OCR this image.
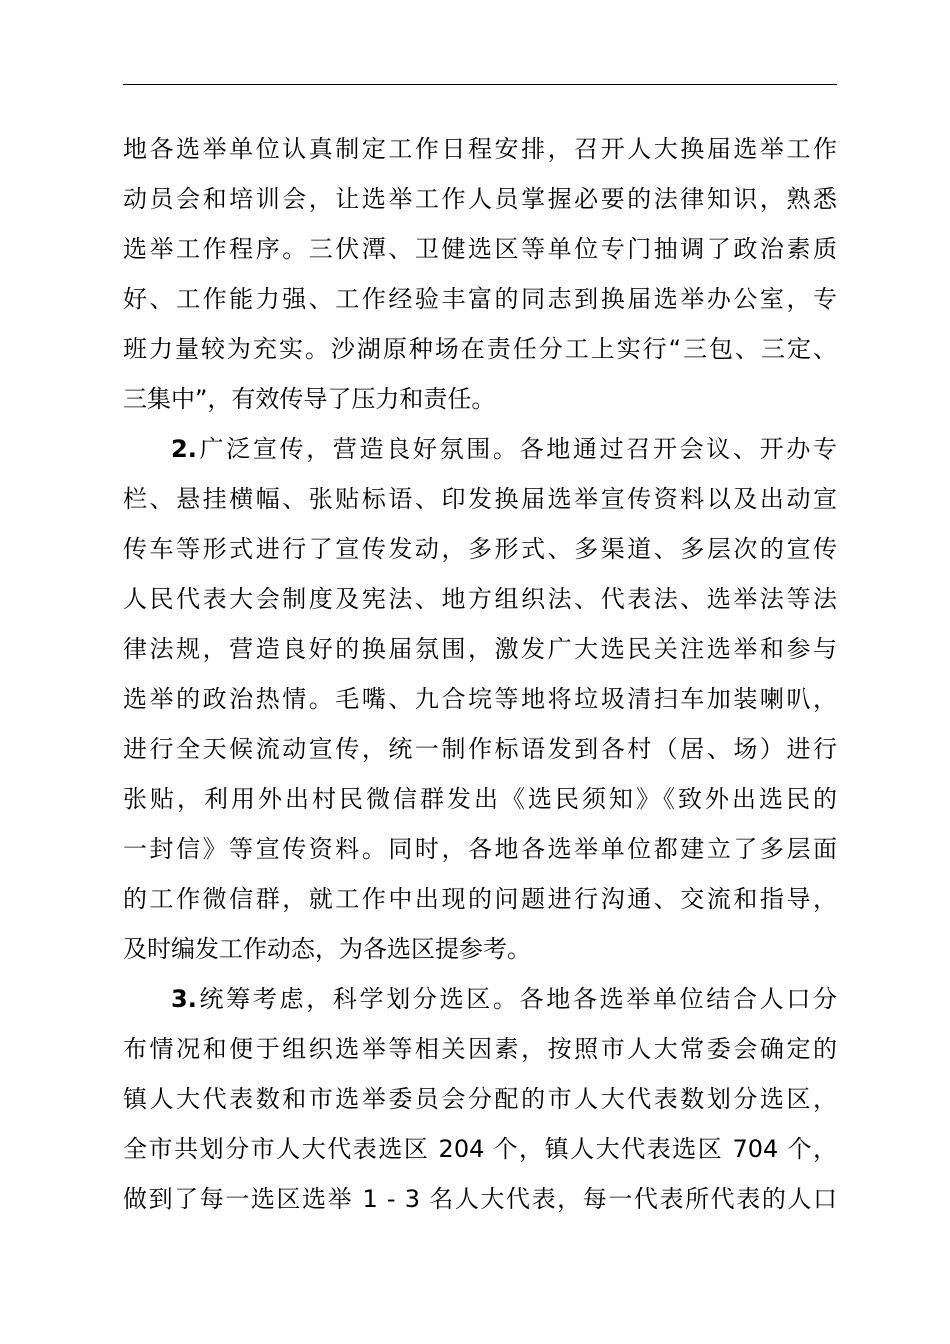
地各选举单位认真制定工作日程安排，召开人大换届选举工作
动员会和培训会，让选举工作人员掌握必要的法律知识，熟悉
选举工作程序。三伏潭、卫健选区等单位专门抽调了政治素质
好、工作能力强、工作经验丰富的同志到换届选举办公室，专
班力量较为充实。沙湖原种场在责任分工上实行“三包、三定、
三集中”，有效传导了压力和责任。
2.广泛宣传，营造良好氛围。各地通过召开会议、开办专
栏、悬挂横幅、张贴标语、印发换届选举宣传资料以及出动宣
传车等形式进行了宣传发动，多形式、多渠道、多层次的宣传
人民代表大会制度及宪法、地方组织法、代表法、选举法等法
律法规，营造良好的换届氛围，激发广大选民关注选举和参与
选举的政治热情。毛嘴、九合垸等地将垃圾清扫车加装喇叭，
进行全天候流动宣传，统一制作标语发到各村（居、场）进行
张贴，利用外出村民微信群发出《选民须知》《致外出选民的
一封信》等宣传资料。同时，各地各选举单位都建立了多层面
的工作微信群，就工作中出现的问题进行沟通、交流和指导，
及时编发工作动态，为各选区提参考。
3.统筹考虑，科学划分选区。各地各选举单位结合人口分
布情况和便于组织选举等相关因素，按照市人大常委会确定的
镇人大代表数和市选举委员会分配的市人大代表数划分选区，
全市共划分市人大代表选区 204 个，镇人大代表选区 704 个，
做到了每一选区选举 1 - 3 名人大代表，每一代表所代表的人口
